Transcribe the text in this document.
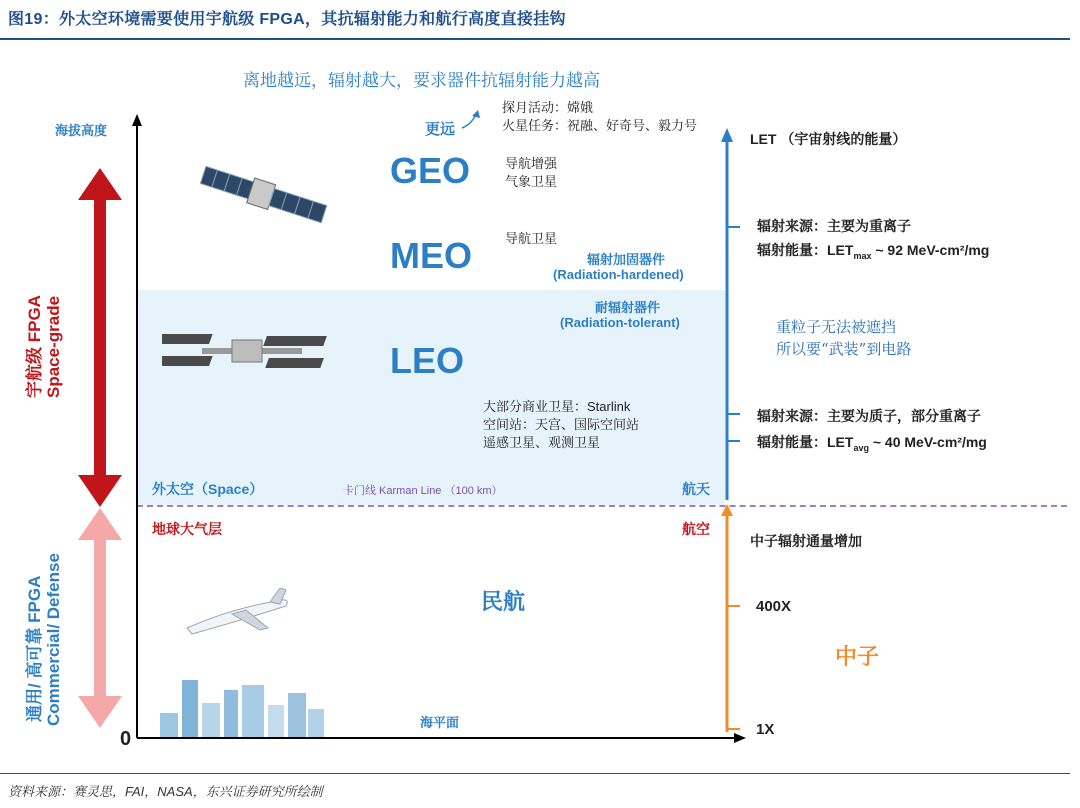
图19：外太空环境需要使用宇航级 FPGA，其抗辐射能力和航行高度直接挂钩
离地越远，辐射越大，要求器件抗辐射能力越高
海拔高度
0
LET （宇宙射线的能量）
更远
探月活动：嫦娥
火星任务：祝融、好奇号、毅力号
GEO	导航增强
气象卫星
MEO	导航卫星
辐射加固器件
(Radiation-hardened)
耐辐射器件
(Radiation-tolerant)
LEO
大部分商业卫星：Starlink
空间站：天宫、国际空间站
遥感卫星、观测卫星
外太空（Space）	卡门线 Karman Line （100 km）	航天
地球大气层	航空
民航
海平面
宇航级 FPGA Space-grade
通用/ 高可靠 FPGA Commercial/ Defense
辐射来源：主要为重离子
辐射能量：$LET_{max}$ ~ 92 MeV-cm²/mg
重粒子无法被遮挡
所以要“武装”到电路
辐射来源：主要为质子，部分重离子
辐射能量：$LET_{avg}$ ~ 40 MeV-cm²/mg
中子辐射通量增加
400X
中子
1X
资料来源：赛灵思，FAI，NASA，东兴证券研究所绘制
